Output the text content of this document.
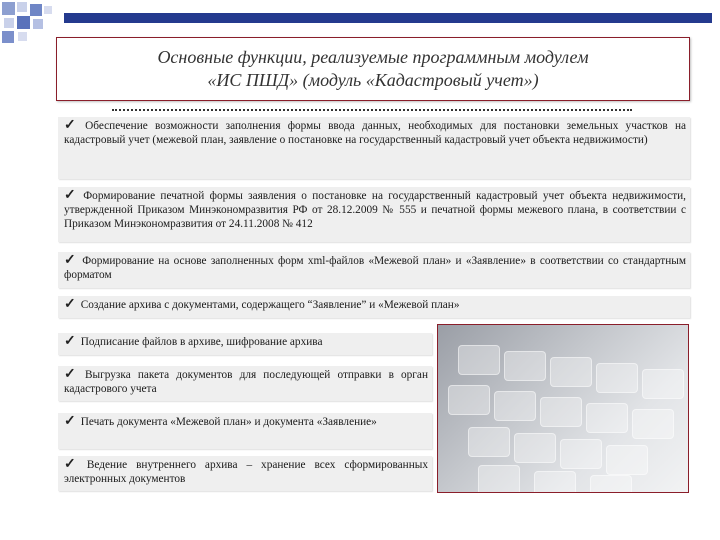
Основные функции, реализуемые программным модулем
«ИС ПШД» (модуль «Кадастровый учет»)
✓ Обеспечение возможности заполнения формы ввода данных, необходимых для постановки земельных участков на кадастровый учет (межевой план, заявление о постановке на государственный кадастровый учет объекта недвижимости)
✓ Формирование печатной формы заявления о постановке на государственный кадастровый учет объекта недвижимости, утвержденной Приказом Минэкономразвития РФ от 28.12.2009 № 555 и печатной формы межевого плана, в соответствии с Приказом Минэкономразвития от 24.11.2008 № 412
✓ Формирование на основе заполненных форм xml-файлов «Межевой план» и «Заявление» в соответствии со стандартным форматом
✓ Создание архива с документами, содержащего “Заявление” и «Межевой план»
✓ Подписание файлов в архиве, шифрование архива
✓ Выгрузка пакета документов для последующей отправки в орган кадастрового учета
✓ Печать документа «Межевой план» и документа «Заявление»
✓ Ведение внутреннего архива – хранение всех сформированных электронных документов
